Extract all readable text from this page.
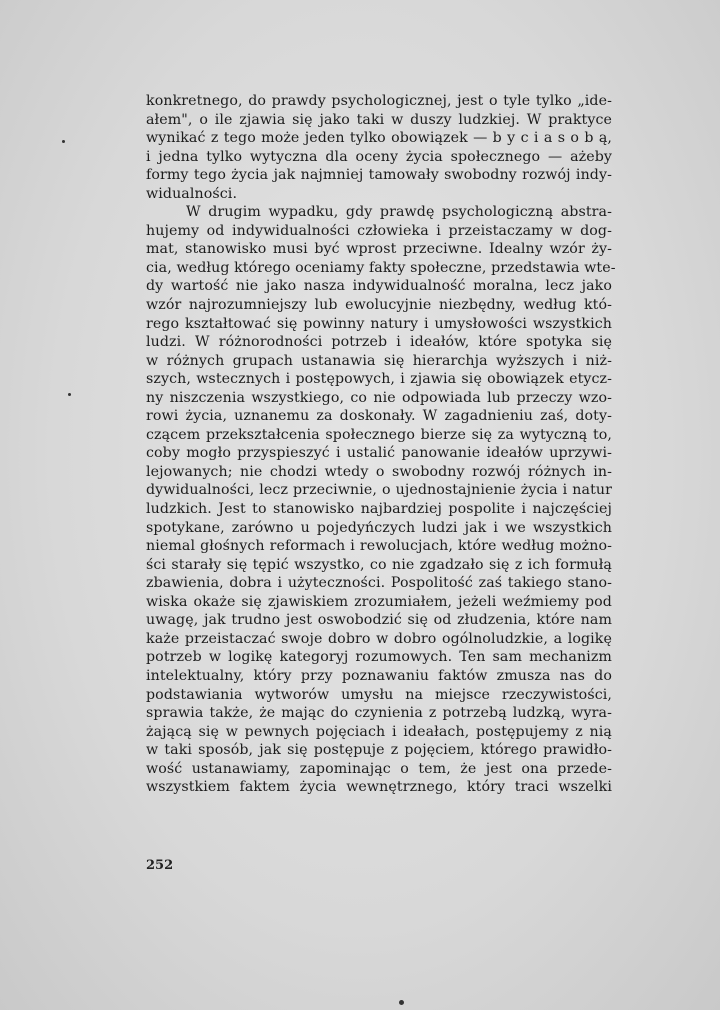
konkretnego, do prawdy psychologicznej, jest o tyle tylko „ide-
ałem", o ile zjawia się jako taki w duszy ludzkiej. W praktyce
wynikać z tego może jeden tylko obowiązek — b y c i a s o b ą,
i jedna tylko wytyczna dla oceny życia społecznego — ażeby
formy tego życia jak najmniej tamowały swobodny rozwój indy-
widualności.
W drugim wypadku, gdy prawdę psychologiczną abstra-
hujemy od indywidualności człowieka i przeistaczamy w dog-
mat, stanowisko musi być wprost przeciwne. Idealny wzór ży-
cia, według którego oceniamy fakty społeczne, przedstawia wte-
dy wartość nie jako nasza indywidualność moralna, lecz jako
wzór najrozumniejszy lub ewolucyjnie niezbędny, według któ-
rego kształtować się powinny natury i umysłowości wszystkich
ludzi. W różnorodności potrzeb i ideałów, które spotyka się
w różnych grupach ustanawia się hierarchja wyższych i niż-
szych, wstecznych i postępowych, i zjawia się obowiązek etycz-
ny niszczenia wszystkiego, co nie odpowiada lub przeczy wzo-
rowi życia, uznanemu za doskonały. W zagadnieniu zaś, doty-
czącem przekształcenia społecznego bierze się za wytyczną to,
coby mogło przyspieszyć i ustalić panowanie ideałów uprzywi-
lejowanych; nie chodzi wtedy o swobodny rozwój różnych in-
dywidualności, lecz przeciwnie, o ujednostajnienie życia i natur
ludzkich. Jest to stanowisko najbardziej pospolite i najczęściej
spotykane, zarówno u pojedyńczych ludzi jak i we wszystkich
niemal głośnych reformach i rewolucjach, które według możno-
ści starały się tępić wszystko, co nie zgadzało się z ich formułą
zbawienia, dobra i użyteczności. Pospolitość zaś takiego stano-
wiska okaże się zjawiskiem zrozumiałem, jeżeli weźmiemy pod
uwagę, jak trudno jest oswobodzić się od złudzenia, które nam
każe przeistaczać swoje dobro w dobro ogólnoludzkie, a logikę
potrzeb w logikę kategoryj rozumowych. Ten sam mechanizm
intelektualny, który przy poznawaniu faktów zmusza nas do
podstawiania wytworów umysłu na miejsce rzeczywistości,
sprawia także, że mając do czynienia z potrzebą ludzką, wyra-
żającą się w pewnych pojęciach i ideałach, postępujemy z nią
w taki sposób, jak się postępuje z pojęciem, którego prawidło-
wość ustanawiamy, zapominając o tem, że jest ona przede-
wszystkiem faktem życia wewnętrznego, który traci wszelki
252
